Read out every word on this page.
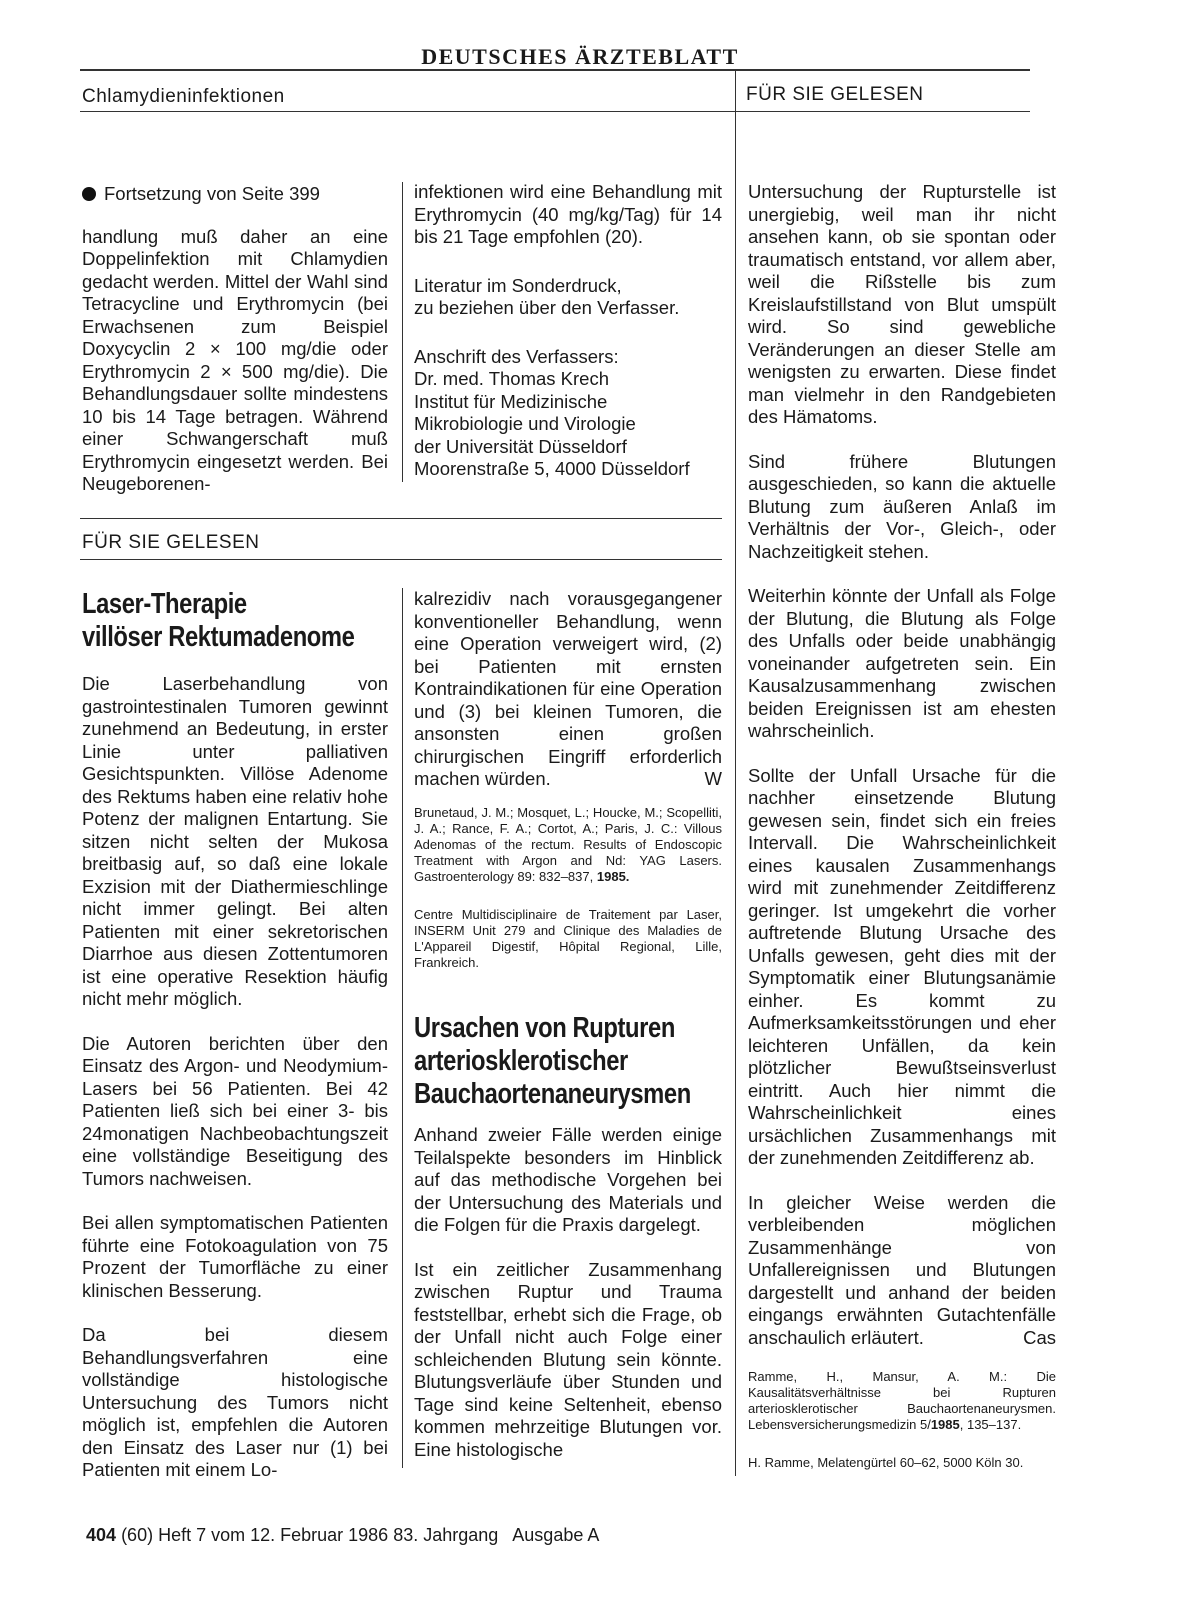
DEUTSCHES ÄRZTEBLATT
Chlamydieninfektionen	FÜR SIE GELESEN

Fortsetzung von Seite 399

handlung muß daher an eine Doppelinfektion mit Chlamydien gedacht werden. Mittel der Wahl sind Tetracycline und Erythromycin (bei Erwachsenen zum Beispiel Doxycyclin 2 × 100 mg/die oder Erythromycin 2 × 500 mg/die). Die Behandlungsdauer sollte mindestens 10 bis 14 Tage betragen. Während einer Schwangerschaft muß Erythromycin eingesetzt werden. Bei Neugeborenen-

infektionen wird eine Behandlung mit Erythromycin (40 mg/kg/Tag) für 14 bis 21 Tage empfohlen (20).

Literatur im Sonderdruck,
zu beziehen über den Verfasser.

Anschrift des Verfassers:
Dr. med. Thomas Krech
Institut für Medizinische
Mikrobiologie und Virologie
der Universität Düsseldorf
Moorenstraße 5, 4000 Düsseldorf

FÜR SIE GELESEN
Laser-Therapie
villöser Rektumadenome

Die Laserbehandlung von gastrointestinalen Tumoren gewinnt zunehmend an Bedeutung, in erster Linie unter palliativen Gesichtspunkten. Villöse Adenome des Rektums haben eine relativ hohe Potenz der malignen Entartung. Sie sitzen nicht selten der Mukosa breitbasig auf, so daß eine lokale Exzision mit der Diathermieschlinge nicht immer gelingt. Bei alten Patienten mit einer sekretorischen Diarrhoe aus diesen Zottentumoren ist eine operative Resektion häufig nicht mehr möglich.

Die Autoren berichten über den Einsatz des Argon- und Neodymium-Lasers bei 56 Patienten. Bei 42 Patienten ließ sich bei einer 3- bis 24monatigen Nachbeobachtungszeit eine vollständige Beseitigung des Tumors nachweisen.

Bei allen symptomatischen Patienten führte eine Fotokoagulation von 75 Prozent der Tumorfläche zu einer klinischen Besserung.

Da bei diesem Behandlungsverfahren eine vollständige histologische Untersuchung des Tumors nicht möglich ist, empfehlen die Autoren den Einsatz des Laser nur (1) bei Patienten mit einem Lo-

kalrezidiv nach vorausgegangener konventioneller Behandlung, wenn eine Operation verweigert wird, (2) bei Patienten mit ernsten Kontraindikationen für eine Operation und (3) bei kleinen Tumoren, die ansonsten einen großen chirurgischen Eingriff erforderlich machen würden.	W

Brunetaud, J. M.; Mosquet, L.; Houcke, M.; Scopelliti, J. A.; Rance, F. A.; Cortot, A.; Paris, J. C.: Villous Adenomas of the rectum. Results of Endoscopic Treatment with Argon and Nd: YAG Lasers. Gastroenterology 89: 832–837, 1985.

Centre Multidisciplinaire de Traitement par Laser, INSERM Unit 279 and Clinique des Maladies de L'Appareil Digestif, Hôpital Regional, Lille, Frankreich.

Ursachen von Rupturen
arteriosklerotischer
Bauchaortenaneurysmen

Anhand zweier Fälle werden einige Teilalspekte besonders im Hinblick auf das methodische Vorgehen bei der Untersuchung des Materials und die Folgen für die Praxis dargelegt.

Ist ein zeitlicher Zusammenhang zwischen Ruptur und Trauma feststellbar, erhebt sich die Frage, ob der Unfall nicht auch Folge einer schleichenden Blutung sein könnte. Blutungsverläufe über Stunden und Tage sind keine Seltenheit, ebenso kommen mehrzeitige Blutungen vor. Eine histologische

Untersuchung der Rupturstelle ist unergiebig, weil man ihr nicht ansehen kann, ob sie spontan oder traumatisch entstand, vor allem aber, weil die Rißstelle bis zum Kreislaufstillstand von Blut umspült wird. So sind gewebliche Veränderungen an dieser Stelle am wenigsten zu erwarten. Diese findet man vielmehr in den Randgebieten des Hämatoms.

Sind frühere Blutungen ausgeschieden, so kann die aktuelle Blutung zum äußeren Anlaß im Verhältnis der Vor-, Gleich-, oder Nachzeitigkeit stehen.

Weiterhin könnte der Unfall als Folge der Blutung, die Blutung als Folge des Unfalls oder beide unabhängig voneinander aufgetreten sein. Ein Kausalzusammenhang zwischen beiden Ereignissen ist am ehesten wahrscheinlich.

Sollte der Unfall Ursache für die nachher einsetzende Blutung gewesen sein, findet sich ein freies Intervall. Die Wahrscheinlichkeit eines kausalen Zusammenhangs wird mit zunehmender Zeitdifferenz geringer. Ist umgekehrt die vorher auftretende Blutung Ursache des Unfalls gewesen, geht dies mit der Symptomatik einer Blutungsanämie einher. Es kommt zu Aufmerksamkeitsstörungen und eher leichteren Unfällen, da kein plötzlicher Bewußtseinsverlust eintritt. Auch hier nimmt die Wahrscheinlichkeit eines ursächlichen Zusammenhangs mit der zunehmenden Zeitdifferenz ab.

In gleicher Weise werden die verbleibenden möglichen Zusammenhänge von Unfallereignissen und Blutungen dargestellt und anhand der beiden eingangs erwähnten Gutachtenfälle anschaulich erläutert.	Cas

Ramme, H., Mansur, A. M.: Die Kausalitätsverhältnisse bei Rupturen arteriosklerotischer Bauchaortenaneurysmen. Lebensversicherungsmedizin 5/1985, 135–137.

H. Ramme, Melatengürtel 60–62, 5000 Köln 30.

404 (60) Heft 7 vom 12. Februar 1986 83. Jahrgang   Ausgabe A
